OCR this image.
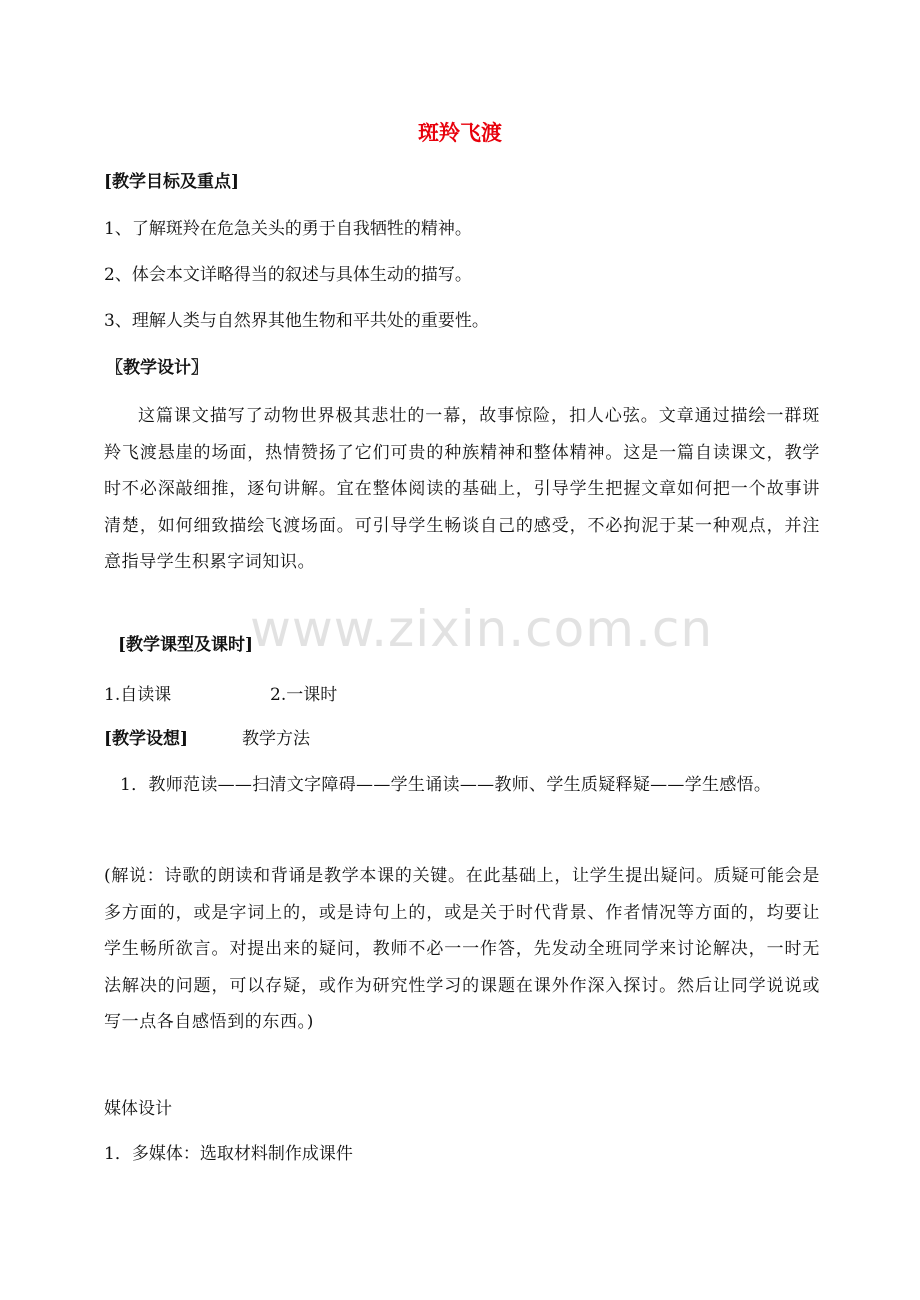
斑羚飞渡
[教学目标及重点]
1、了解斑羚在危急关头的勇于自我牺牲的精神。
2、体会本文详略得当的叙述与具体生动的描写。
3、理解人类与自然界其他生物和平共处的重要性。
〖教学设计〗
这篇课文描写了动物世界极其悲壮的一幕，故事惊险，扣人心弦。文章通过描绘一群斑羚飞渡悬崖的场面，热情赞扬了它们可贵的种族精神和整体精神。这是一篇自读课文，教学时不必深敲细推，逐句讲解。宜在整体阅读的基础上，引导学生把握文章如何把一个故事讲清楚，如何细致描绘飞渡场面。可引导学生畅谈自己的感受，不必拘泥于某一种观点，并注意指导学生积累字词知识。
www.zixin.com.cn
[教学课型及课时]
1.自读课	2.一课时
[教学设想]	教学方法
1．教师范读——扫清文字障碍——学生诵读——教师、学生质疑释疑——学生感悟。
(解说：诗歌的朗读和背诵是教学本课的关键。在此基础上，让学生提出疑问。质疑可能会是多方面的，或是字词上的，或是诗句上的，或是关于时代背景、作者情况等方面的，均要让学生畅所欲言。对提出来的疑问，教师不必一一作答，先发动全班同学来讨论解决，一时无法解决的问题，可以存疑，或作为研究性学习的课题在课外作深入探讨。然后让同学说说或写一点各自感悟到的东西。)
媒体设计
1．多媒体：选取材料制作成课件
